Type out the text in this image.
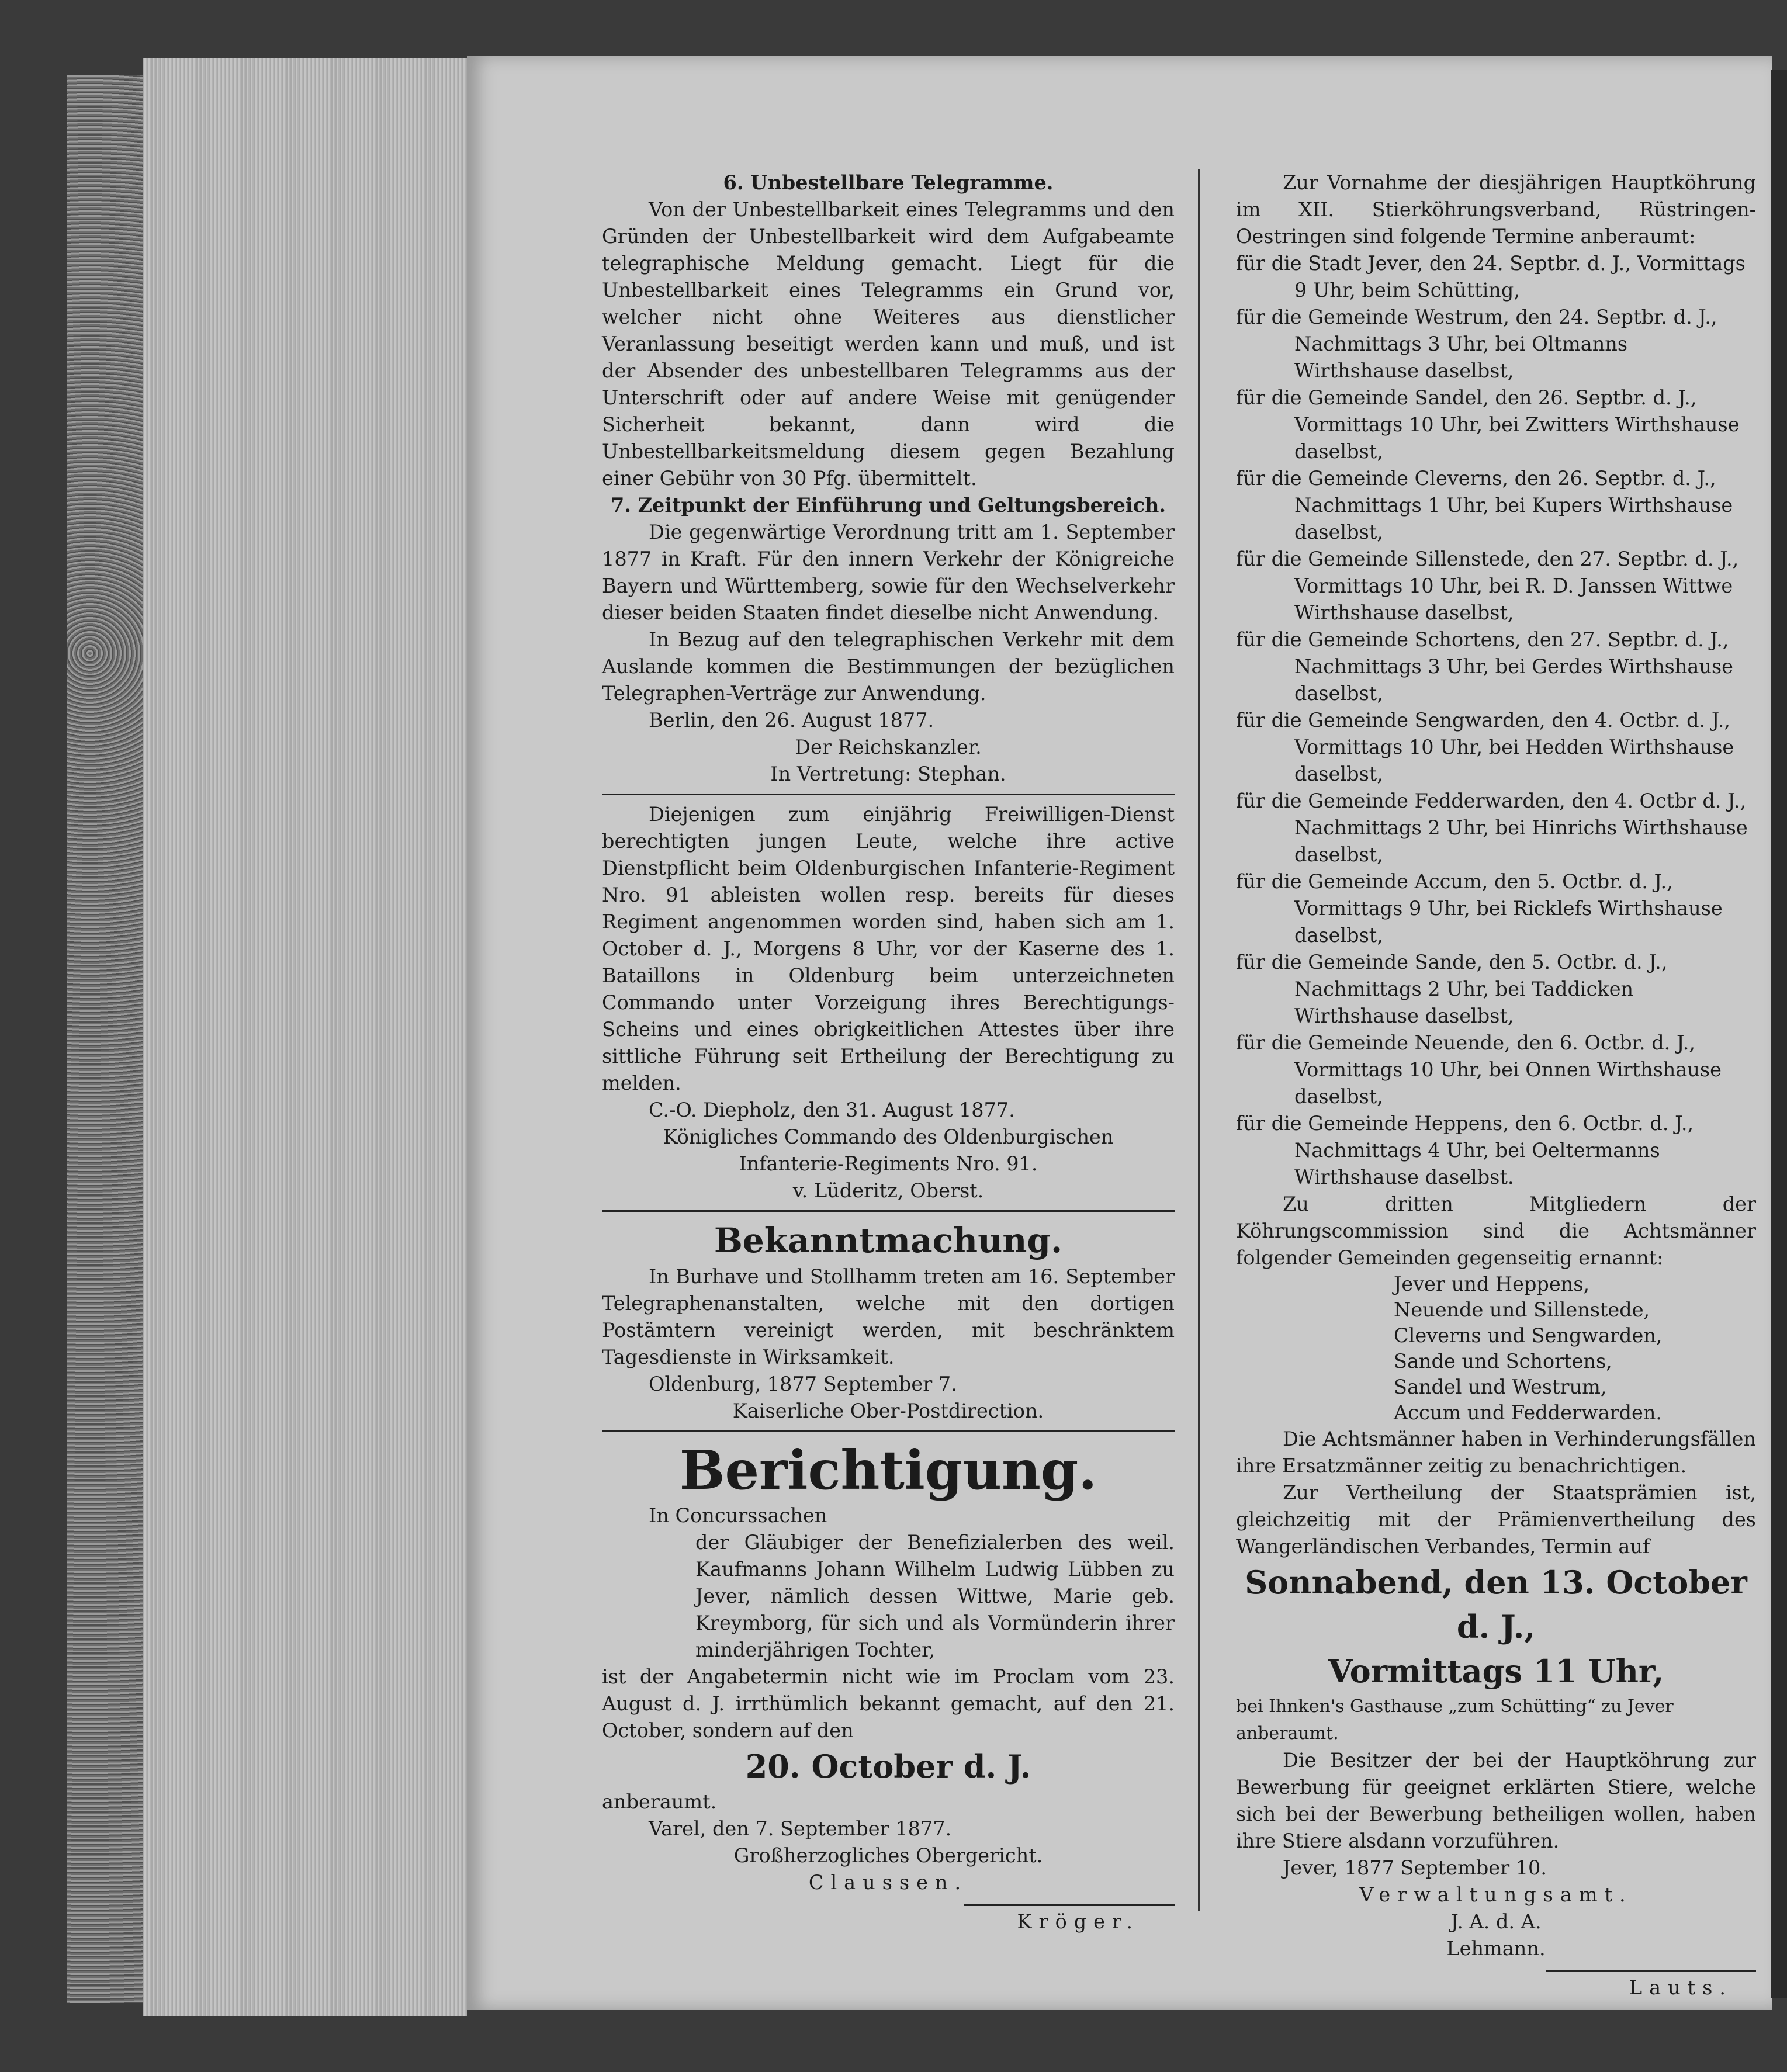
6. Unbestellbare Telegramme.

Von der Unbestellbarkeit eines Telegramms und den Gründen der Unbestellbarkeit wird dem Aufgabeamte telegraphische Meldung gemacht. Liegt für die Unbestellbarkeit eines Telegramms ein Grund vor, welcher nicht ohne Weiteres aus dienstlicher Veranlassung beseitigt werden kann und muß, und ist der Absender des unbestellbaren Telegramms aus der Unterschrift oder auf andere Weise mit genügender Sicherheit bekannt, dann wird die Unbestellbarkeitsmeldung diesem gegen Bezahlung einer Gebühr von 30 Pfg. übermittelt.

7. Zeitpunkt der Einführung und Geltungsbereich.

Die gegenwärtige Verordnung tritt am 1. September 1877 in Kraft. Für den innern Verkehr der Königreiche Bayern und Württemberg, sowie für den Wechselverkehr dieser beiden Staaten findet dieselbe nicht Anwendung.

In Bezug auf den telegraphischen Verkehr mit dem Auslande kommen die Bestimmungen der bezüglichen Telegraphen-Verträge zur Anwendung.

Berlin, den 26. August 1877.

Der Reichskanzler.

In Vertretung: Stephan.

Diejenigen zum einjährig Freiwilligen-Dienst berechtigten jungen Leute, welche ihre active Dienstpflicht beim Oldenburgischen Infanterie-Regiment Nro. 91 ableisten wollen resp. bereits für dieses Regiment angenommen worden sind, haben sich am 1. October d. J., Morgens 8 Uhr, vor der Kaserne des 1. Bataillons in Oldenburg beim unterzeichneten Commando unter Vorzeigung ihres Berechtigungs-Scheins und eines obrigkeitlichen Attestes über ihre sittliche Führung seit Ertheilung der Berechtigung zu melden.

C.-O. Diepholz, den 31. August 1877.

Königliches Commando des Oldenburgischen

Infanterie-Regiments Nro. 91.

v. Lüderitz, Oberst.

Bekanntmachung.

In Burhave und Stollhamm treten am 16. September Telegraphenanstalten, welche mit den dortigen Postämtern vereinigt werden, mit beschränktem Tagesdienste in Wirksamkeit.

Oldenburg, 1877 September 7.

Kaiserliche Ober-Postdirection.

Berichtigung.

In Concurssachen

der Gläubiger der Benefizialerben des weil. Kaufmanns Johann Wilhelm Ludwig Lübben zu Jever, nämlich dessen Wittwe, Marie geb. Kreymborg, für sich und als Vormünderin ihrer minderjährigen Tochter,

ist der Angabetermin nicht wie im Proclam vom 23. August d. J. irrthümlich bekannt gemacht, auf den 21. October, sondern auf den

20. October d. J.

anberaumt.

Varel, den 7. September 1877.

Großherzogliches Obergericht.

Claussen.

Kröger.

Zur Vornahme der diesjährigen Hauptköhrung im XII. Stierköhrungsverband, Rüstringen-Oestringen sind folgende Termine anberaumt:

für die Stadt Jever, den 24. Septbr. d. J., Vormittags 9 Uhr, beim Schütting,

für die Gemeinde Westrum, den 24. Septbr. d. J., Nachmittags 3 Uhr, bei Oltmanns Wirthshause daselbst,

für die Gemeinde Sandel, den 26. Septbr. d. J., Vormittags 10 Uhr, bei Zwitters Wirthshause daselbst,

für die Gemeinde Cleverns, den 26. Septbr. d. J., Nachmittags 1 Uhr, bei Kupers Wirthshause daselbst,

für die Gemeinde Sillenstede, den 27. Septbr. d. J., Vormittags 10 Uhr, bei R. D. Janssen Wittwe Wirthshause daselbst,

für die Gemeinde Schortens, den 27. Septbr. d. J., Nachmittags 3 Uhr, bei Gerdes Wirthshause daselbst,

für die Gemeinde Sengwarden, den 4. Octbr. d. J., Vormittags 10 Uhr, bei Hedden Wirthshause daselbst,

für die Gemeinde Fedderwarden, den 4. Octbr d. J., Nachmittags 2 Uhr, bei Hinrichs Wirthshause daselbst,

für die Gemeinde Accum, den 5. Octbr. d. J., Vormittags 9 Uhr, bei Ricklefs Wirthshause daselbst,

für die Gemeinde Sande, den 5. Octbr. d. J., Nachmittags 2 Uhr, bei Taddicken Wirthshause daselbst,

für die Gemeinde Neuende, den 6. Octbr. d. J., Vormittags 10 Uhr, bei Onnen Wirthshause daselbst,

für die Gemeinde Heppens, den 6. Octbr. d. J., Nachmittags 4 Uhr, bei Oeltermanns Wirthshause daselbst.

Zu dritten Mitgliedern der Köhrungscommission sind die Achtsmänner folgender Gemeinden gegenseitig ernannt:

Jever und Heppens,

Neuende und Sillenstede,

Cleverns und Sengwarden,

Sande und Schortens,

Sandel und Westrum,

Accum und Fedderwarden.

Die Achtsmänner haben in Verhinderungsfällen ihre Ersatzmänner zeitig zu benachrichtigen.

Zur Vertheilung der Staatsprämien ist, gleichzeitig mit der Prämienvertheilung des Wangerländischen Verbandes, Termin auf

Sonnabend, den 13. October d. J.,

Vormittags 11 Uhr,

bei Ihnken's Gasthause „zum Schütting“ zu Jever anberaumt.

Die Besitzer der bei der Hauptköhrung zur Bewerbung für geeignet erklärten Stiere, welche sich bei der Bewerbung betheiligen wollen, haben ihre Stiere alsdann vorzuführen.

Jever, 1877 September 10.

Verwaltungsamt.

J. A. d. A.

Lehmann.

Lauts.
